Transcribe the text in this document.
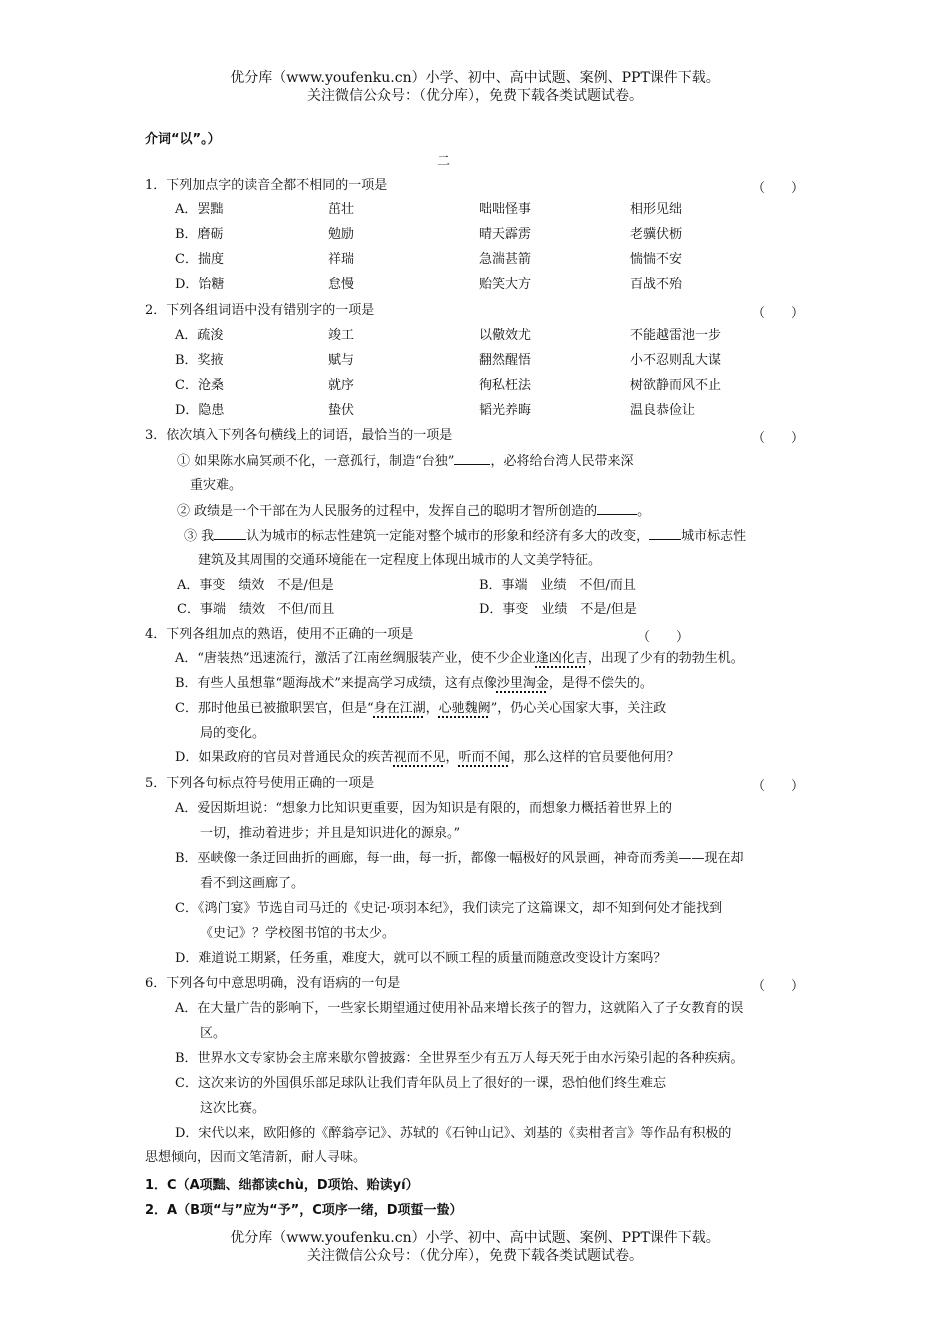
优分库（www.youfenku.cn）小学、初中、高中试题、案例、PPT课件下载。
关注微信公众号：（优分库），免费下载各类试题试卷。
介词“以”。）
二
1．下列加点字的读音全都不相同的一项是	（　　）
A．罢黜	茁壮	咄咄怪事	相形见绌
B．磨砺	勉励	晴天霹雳	老骥伏枥
C．揣度	祥瑞	急湍甚箭	惴惴不安
D．饴糖	怠慢	贻笑大方	百战不殆
2．下列各组词语中没有错别字的一项是	（　　）
A．疏浚	竣工	以儆效尤	不能越雷池一步
B．奖掖	赋与	翻然醒悟	小不忍则乱大谋
C．沧桑	就序	徇私枉法	树欲静而风不止
D．隐患	蛰伏	韬光养晦	温良恭俭让
3．依次填入下列各句横线上的词语，最恰当的一项是	（　　）
① 如果陈水扁冥顽不化，一意孤行，制造“台独”	，必将给台湾人民带来深
重灾难。
② 政绩是一个干部在为人民服务的过程中，发挥自己的聪明才智所创造的	。
③ 我 认为城市的标志性建筑一定能对整个城市的形象和经济有多大的改变， 城市标志性
建筑及其周围的交通环境能在一定程度上体现出城市的人文美学特征。
A．事变　绩效　不是/但是	B．事端　业绩　不但/而且
C．事端　绩效　不但/而且	D．事变　业绩　不是/但是
4．下列各组加点的熟语，使用不正确的一项是	（　　）
A．“唐装热”迅速流行，激活了江南丝绸服装产业，使不少企业逢凶化吉，出现了少有的勃勃生机。
B．有些人虽想靠“题海战术”来提高学习成绩，这有点像沙里淘金，是得不偿失的。
C．那时他虽已被撤职罢官，但是“身在江湖，心驰魏阙”，仍心关心国家大事，关注政
局的变化。
D．如果政府的官员对普通民众的疾苦视而不见，听而不闻，那么这样的官员要他何用？
5．下列各句标点符号使用正确的一项是	（　　）
A．爱因斯坦说：“想象力比知识更重要，因为知识是有限的，而想象力概括着世界上的
一切，推动着进步；并且是知识进化的源泉。”
B．巫峡像一条迂回曲折的画廊，每一曲，每一折，都像一幅极好的风景画，神奇而秀美——现在却
看不到这画廊了。
C．《鸿门宴》节选自司马迁的《史记·项羽本纪》，我们读完了这篇课文，却不知到何处才能找到
《史记》？学校图书馆的书太少。
D．难道说工期紧，任务重，难度大，就可以不顾工程的质量而随意改变设计方案吗？
6．下列各句中意思明确，没有语病的一句是	（　　）
A．在大量广告的影响下，一些家长期望通过使用补品来增长孩子的智力，这就陷入了子女教育的误
区。
B．世界水文专家协会主席来歇尔曾披露：全世界至少有五万人每天死于由水污染引起的各种疾病。
C．这次来访的外国俱乐部足球队让我们青年队员上了很好的一课，恐怕他们终生难忘
这次比赛。
D．宋代以来，欧阳修的《醉翁亭记》、苏轼的《石钟山记》、刘基的《卖柑者言》等作品有积极的
思想倾向，因而文笔清新，耐人寻味。
1．C（A项黜、绌都读chù，D项饴、贻读yí）
2．A（B项“与”应为“予”，C项序一绪，D项蜇一蛰）
优分库（www.youfenku.cn）小学、初中、高中试题、案例、PPT课件下载。
关注微信公众号：（优分库），免费下载各类试题试卷。
